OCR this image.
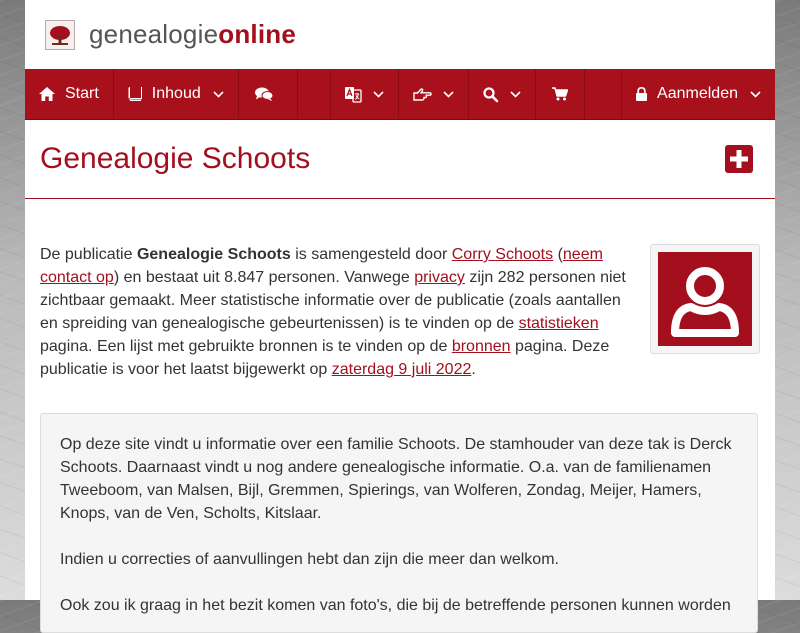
genealogieonline
Start	Inhoud	Aanmelden
Genealogie Schoots

De publicatie Genealogie Schoots is samengesteld door Corry Schoots (neem contact op) en bestaat uit 8.847 personen. Vanwege privacy zijn 282 personen niet zichtbaar gemaakt. Meer statistische informatie over de publicatie (zoals aantallen en spreiding van genealogische gebeurtenissen) is te vinden op de statistieken pagina. Een lijst met gebruikte bronnen is te vinden op de bronnen pagina. Deze publicatie is voor het laatst bijgewerkt op zaterdag 9 juli 2022.

Op deze site vindt u informatie over een familie Schoots. De stamhouder van deze tak is Derck Schoots. Daarnaast vindt u nog andere genealogische informatie. O.a. van de familienamen Tweeboom, van Malsen, Bijl, Gremmen, Spierings, van Wolferen, Zondag, Meijer, Hamers, Knops, van de Ven, Scholts, Kitslaar.

Indien u correcties of aanvullingen hebt dan zijn die meer dan welkom.

Ook zou ik graag in het bezit komen van foto's, die bij de betreffende personen kunnen worden
